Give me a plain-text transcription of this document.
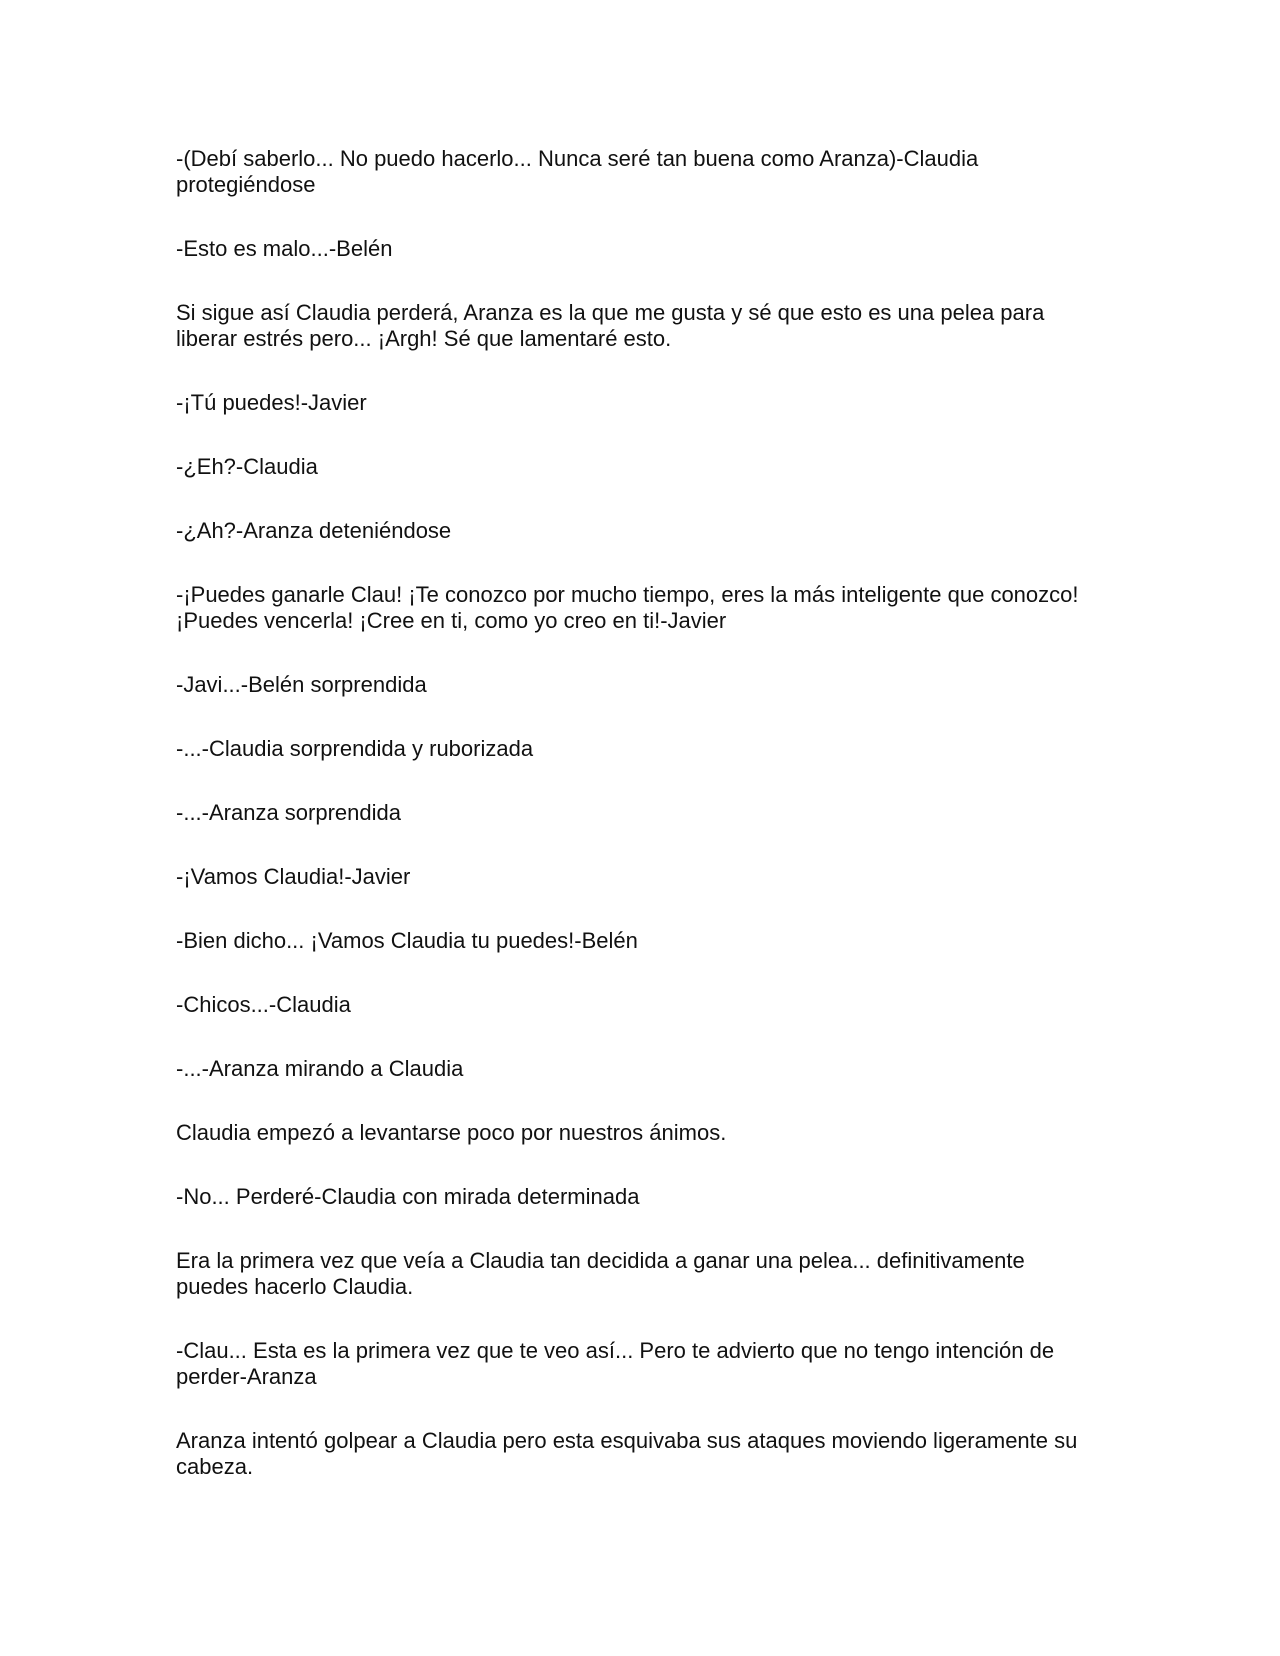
-(Debí saberlo... No puedo hacerlo... Nunca seré tan buena como Aranza)-Claudia protegiéndose

-Esto es malo...-Belén

Si sigue así Claudia perderá, Aranza es la que me gusta y sé que esto es una pelea para liberar estrés pero... ¡Argh! Sé que lamentaré esto.

-¡Tú puedes!-Javier

-¿Eh?-Claudia

-¿Ah?-Aranza deteniéndose

-¡Puedes ganarle Clau! ¡Te conozco por mucho tiempo, eres la más inteligente que conozco! ¡Puedes vencerla! ¡Cree en ti, como yo creo en ti!-Javier

-Javi...-Belén sorprendida

-...-Claudia sorprendida y ruborizada

-...-Aranza sorprendida

-¡Vamos Claudia!-Javier

-Bien dicho... ¡Vamos Claudia tu puedes!-Belén

-Chicos...-Claudia

-...-Aranza mirando a Claudia

Claudia empezó a levantarse poco por nuestros ánimos.

-No... Perderé-Claudia con mirada determinada

Era la primera vez que veía a Claudia tan decidida a ganar una pelea... definitivamente puedes hacerlo Claudia.

-Clau... Esta es la primera vez que te veo así... Pero te advierto que no tengo intención de perder-Aranza

Aranza intentó golpear a Claudia pero esta esquivaba sus ataques moviendo ligeramente su cabeza.
